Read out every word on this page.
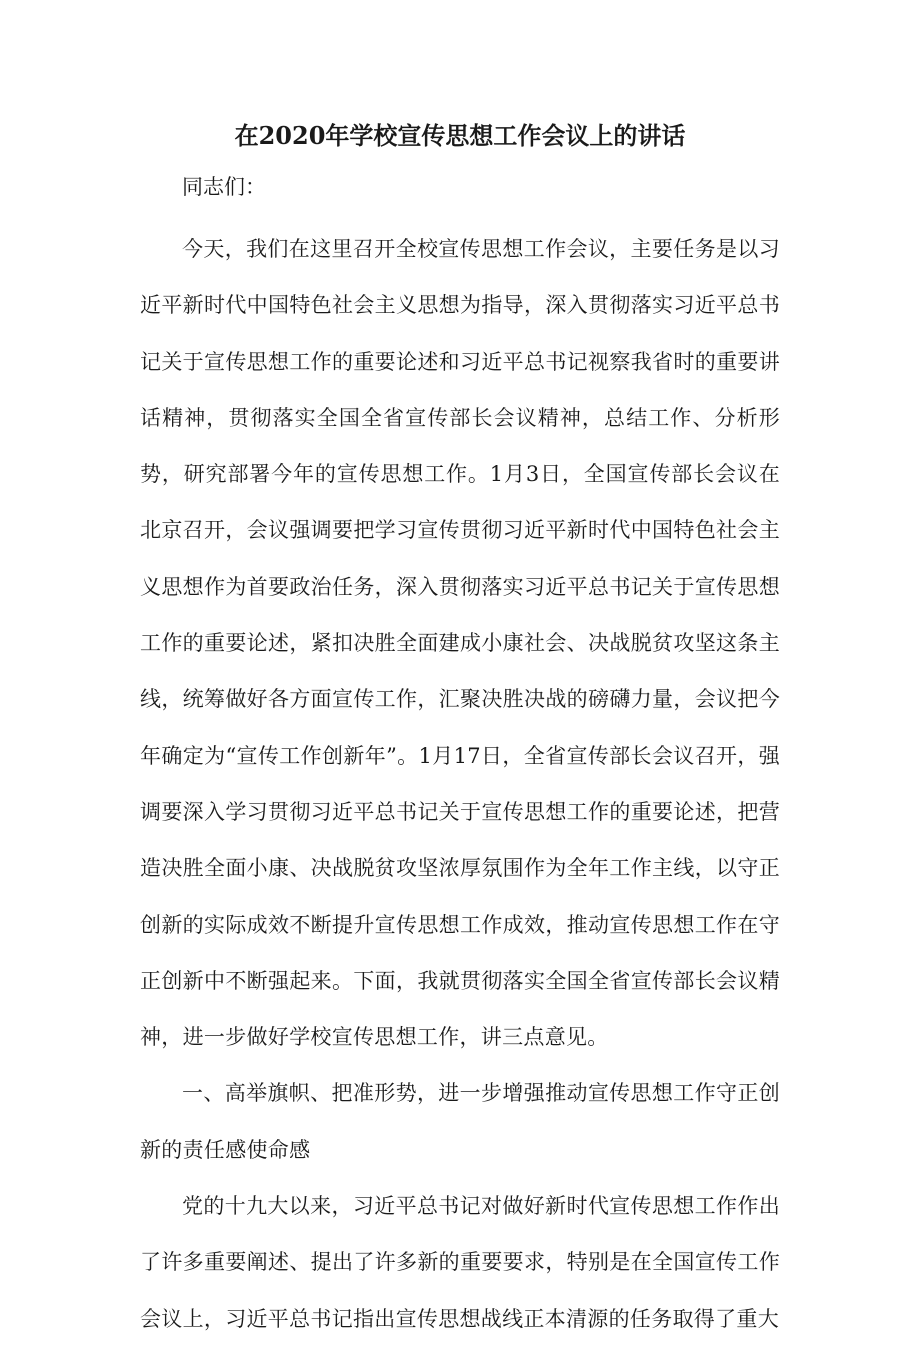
在2020年学校宣传思想工作会议上的讲话

同志们：

今天，我们在这里召开全校宣传思想工作会议，主要任务是以习近平新时代中国特色社会主义思想为指导，深入贯彻落实习近平总书记关于宣传思想工作的重要论述和习近平总书记视察我省时的重要讲话精神，贯彻落实全国全省宣传部长会议精神，总结工作、分析形势，研究部署今年的宣传思想工作。1月3日，全国宣传部长会议在北京召开，会议强调要把学习宣传贯彻习近平新时代中国特色社会主义思想作为首要政治任务，深入贯彻落实习近平总书记关于宣传思想工作的重要论述，紧扣决胜全面建成小康社会、决战脱贫攻坚这条主线，统筹做好各方面宣传工作，汇聚决胜决战的磅礴力量，会议把今年确定为“宣传工作创新年”。1月17日，全省宣传部长会议召开，强调要深入学习贯彻习近平总书记关于宣传思想工作的重要论述，把营造决胜全面小康、决战脱贫攻坚浓厚氛围作为全年工作主线，以守正创新的实际成效不断提升宣传思想工作成效，推动宣传思想工作在守正创新中不断强起来。下面，我就贯彻落实全国全省宣传部长会议精神，进一步做好学校宣传思想工作，讲三点意见。

一、高举旗帜、把准形势，进一步增强推动宣传思想工作守正创新的责任感使命感

党的十九大以来，习近平总书记对做好新时代宣传思想工作作出了许多重要阐述、提出了许多新的重要要求，特别是在全国宣传工作会议上，习近平总书记指出宣传思想战线正本清源的任务取得了重大
